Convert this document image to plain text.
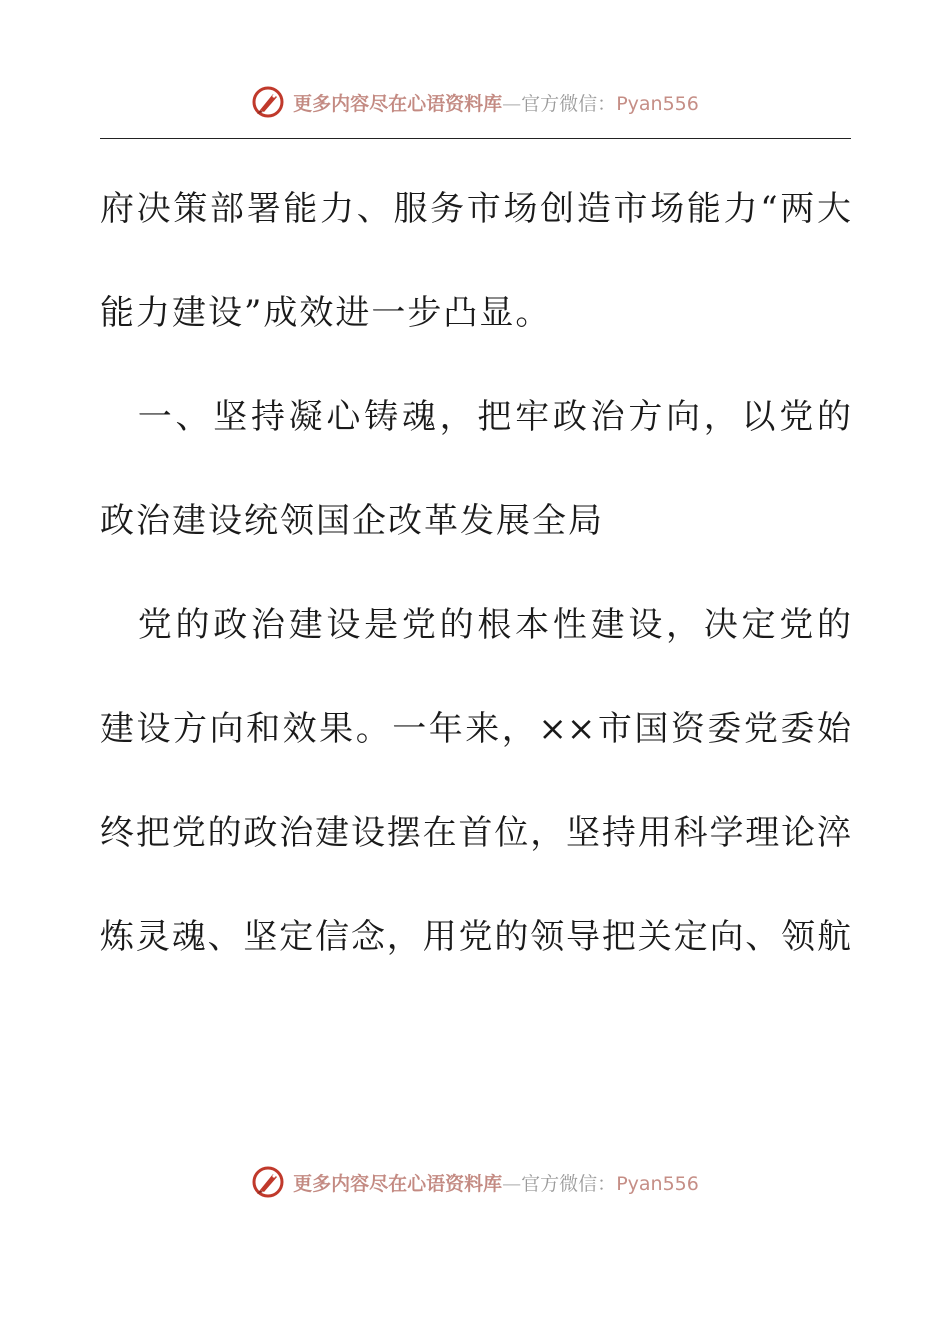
更多内容尽在心语资料库—官方微信：Pyan556
府决策部署能力、服务市场创造市场能力“两大
能力建设”成效进一步凸显。
　一、坚持凝心铸魂，把牢政治方向，以党的
政治建设统领国企改革发展全局
　党的政治建设是党的根本性建设，决定党的
建设方向和效果。一年来，××市国资委党委始
终把党的政治建设摆在首位，坚持用科学理论淬
炼灵魂、坚定信念，用党的领导把关定向、领航
更多内容尽在心语资料库—官方微信：Pyan556
